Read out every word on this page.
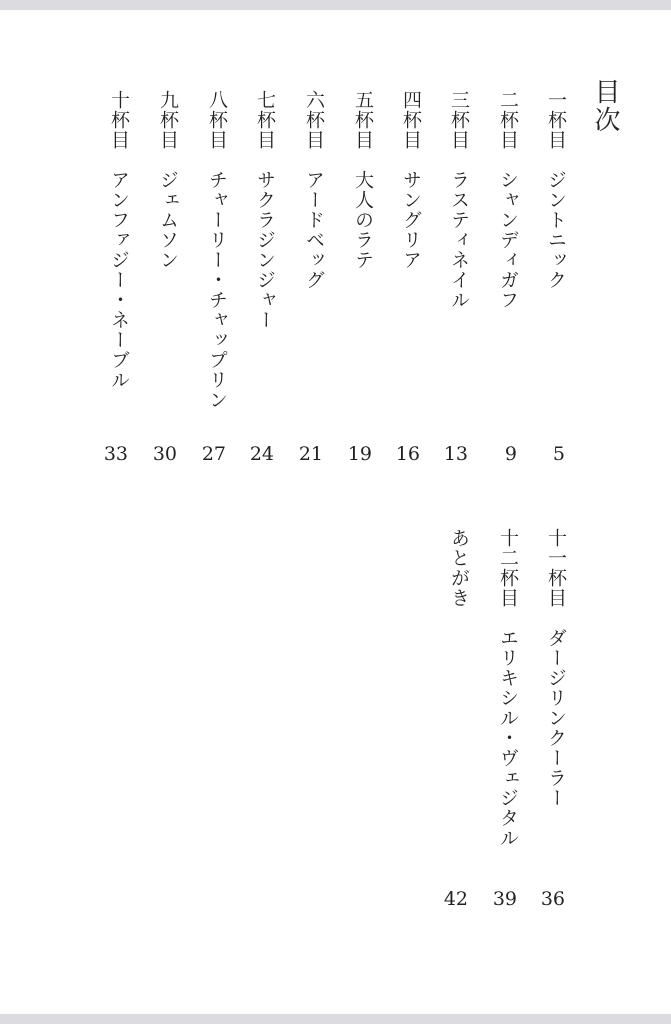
目次
一杯目
ジントニック
5
二杯目
シャンディガフ
9
三杯目
ラスティネイル
13
四杯目
サングリア
16
五杯目
大人のラテ
19
六杯目
アードベッグ
21
七杯目
サクラジンジャー
24
八杯目
チャーリー・チャップリン
27
九杯目
ジェムソン
30
十杯目
アンファジー・ネーブル
33
十一杯目
ダージリンクーラー
36
十二杯目
エリキシル・ヴェジタル
39
あとがき
42
